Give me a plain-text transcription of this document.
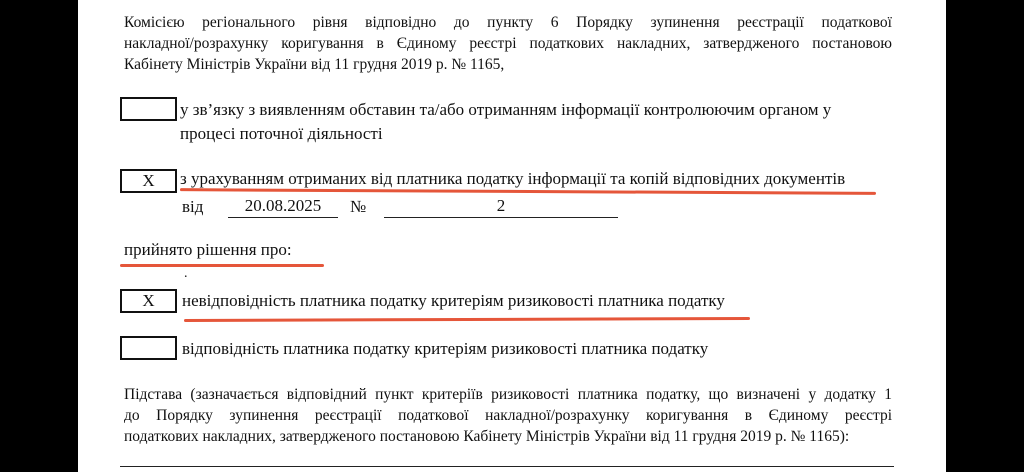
Комісією регіонального рівня відповідно до пункту 6 Порядку зупинення реєстрації податкової
накладної/розрахунку коригування в Єдиному реєстрі податкових накладних, затвердженого постановою
Кабінету Міністрів України від 11 грудня 2019 р. № 1165,
у зв’язку з виявленням обставин та/або отриманням інформації контролюючим органом у
процесі поточної діяльності
X	з урахуванням отриманих від платника податку інформації та копій відповідних документів
від	20.08.2025	№	2
прийнято рішення про:
.
X	невідповідність платника податку критеріям ризиковості платника податку
відповідність платника податку критеріям ризиковості платника податку
Підстава (зазначається відповідний пункт критеріїв ризиковості платника податку, що визначені у додатку 1
до Порядку зупинення реєстрації податкової накладної/розрахунку коригування в Єдиному реєстрі
податкових накладних, затвердженого постановою Кабінету Міністрів України від 11 грудня 2019 р. № 1165):
